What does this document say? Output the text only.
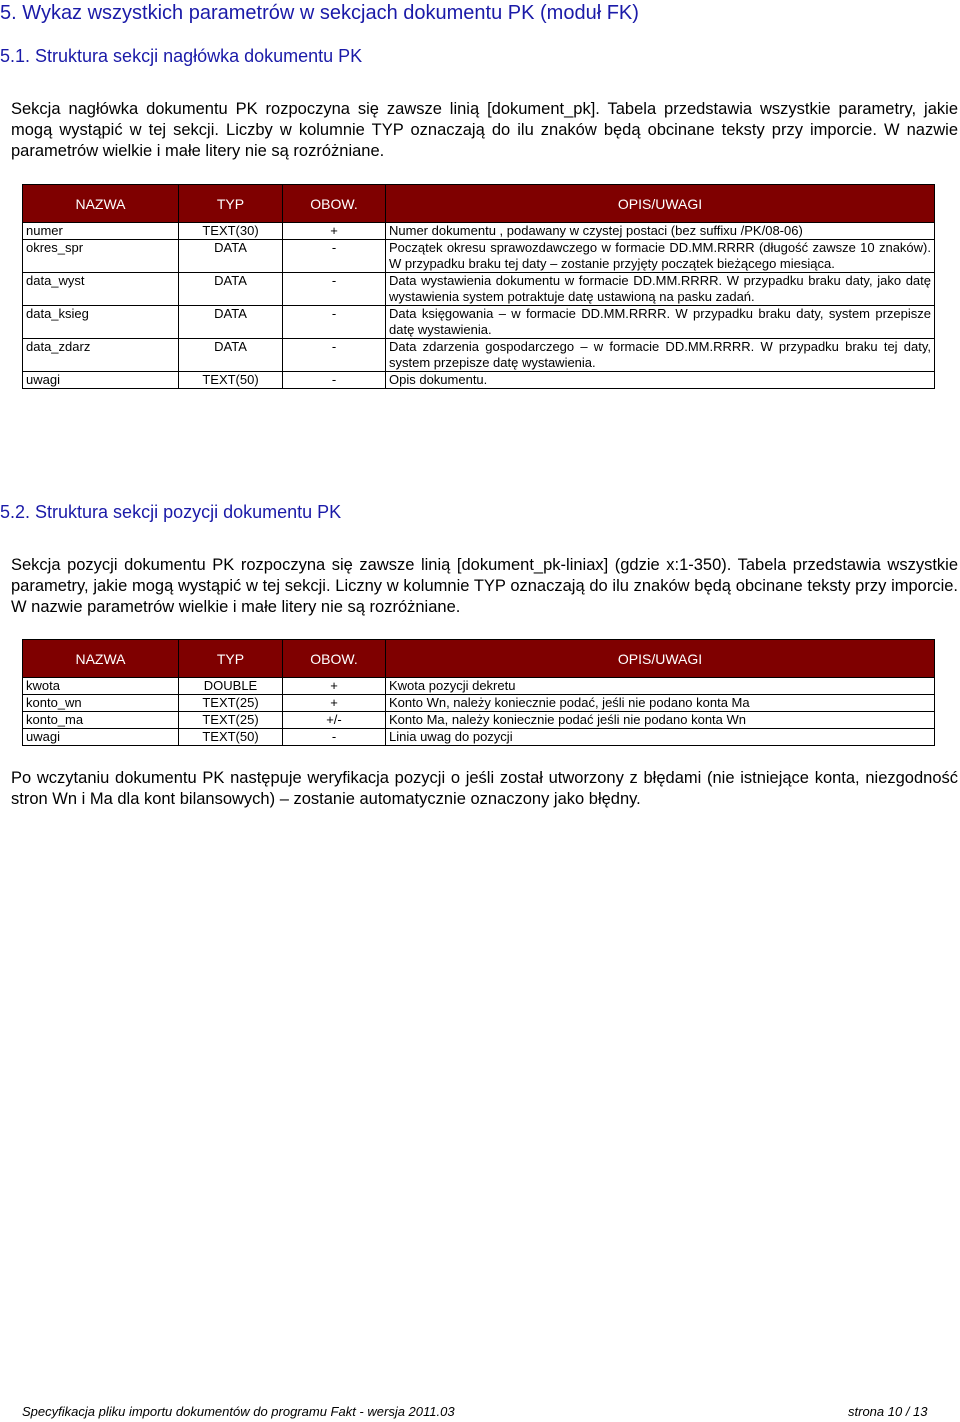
5. Wykaz wszystkich parametrów w sekcjach dokumentu PK (moduł FK)
5.1. Struktura sekcji nagłówka dokumentu PK
Sekcja nagłówka dokumentu PK rozpoczyna się zawsze linią [dokument_pk]. Tabela przedstawia wszystkie parametry, jakie mogą wystąpić w tej sekcji. Liczby w kolumnie TYP oznaczają do ilu znaków będą obcinane teksty przy imporcie. W nazwie parametrów wielkie i małe litery nie są rozróżniane.
NAZWA	TYP	OBOW.	OPIS/UWAGI
numer	TEXT(30)	+	Numer dokumentu , podawany w czystej postaci (bez suffixu /PK/08-06)
okres_spr	DATA	-	Początek okresu sprawozdawczego w formacie DD.MM.RRRR (długość zawsze 10 znaków). W przypadku braku tej daty – zostanie przyjęty początek bieżącego miesiąca.
data_wyst	DATA	-	Data wystawienia dokumentu w formacie DD.MM.RRRR. W przypadku braku daty, jako datę wystawienia system potraktuje datę ustawioną na pasku zadań.
data_ksieg	DATA	-	Data księgowania – w formacie DD.MM.RRRR. W przypadku braku daty, system przepisze datę wystawienia.
data_zdarz	DATA	-	Data zdarzenia gospodarczego – w formacie DD.MM.RRRR. W przypadku braku tej daty, system przepisze datę wystawienia.
uwagi	TEXT(50)	-	Opis dokumentu.
5.2. Struktura sekcji pozycji dokumentu PK
Sekcja pozycji dokumentu PK rozpoczyna się zawsze linią [dokument_pk-liniax] (gdzie x:1-350). Tabela przedstawia wszystkie parametry, jakie mogą wystąpić w tej sekcji. Liczny w kolumnie TYP oznaczają do ilu znaków będą obcinane teksty przy imporcie. W nazwie parametrów wielkie i małe litery nie są rozróżniane.
NAZWA	TYP	OBOW.	OPIS/UWAGI
kwota	DOUBLE	+	Kwota pozycji dekretu
konto_wn	TEXT(25)	+	Konto Wn, należy koniecznie podać, jeśli nie podano konta Ma
konto_ma	TEXT(25)	+/-	Konto Ma, należy koniecznie podać jeśli nie podano konta Wn
uwagi	TEXT(50)	-	Linia uwag do pozycji
Po wczytaniu dokumentu PK następuje weryfikacja pozycji o jeśli został utworzony z błędami (nie istniejące konta, niezgodność stron Wn i Ma dla kont bilansowych) – zostanie automatycznie oznaczony jako błędny.
Specyfikacja pliku importu dokumentów do programu Fakt - wersja 2011.03	strona 10 / 13
